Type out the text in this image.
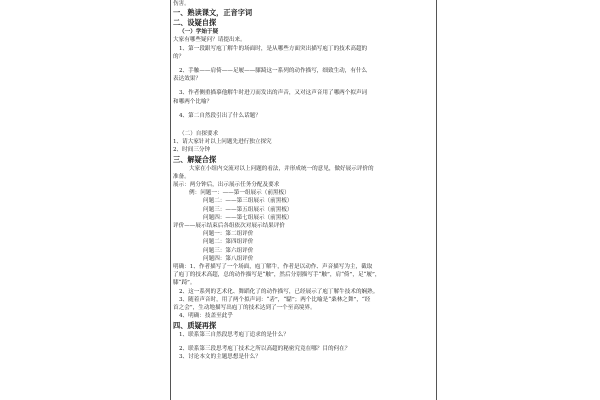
伤害。
一、熟读课文，正音字词
二、设疑自探
（一）学始于疑
大家有哪些疑问？请提出来。
1、第一段跟写庖丁解牛的场面时，是从哪些方面突出描写庖丁的技术高超的
的？
2、手触——肩倚——足履——膝踦这一系列的动作描写，细致生动，有什么
表达效果？
3、作者侧重描摹他解牛时进刀而发出的声音，又对这声音用了哪两个拟声词
和哪两个比喻？
4、第二自然段引出了什么话题？
（二）自探要求
1、请大家针对以上问题先进行独立探究
2、时间三分钟
三、解疑合探
大家在小组内交流对以上问题的看法，并形成统一的意见，做好展示评价的
准备。
展示：两分钟后，出示展示任务分配及要求
例：问题一：——第一组展示（前黑板）
问题二：——第三组展示（前黑板）
问题三：——第五组展示（前黑板）
问题四：——第七组展示（前黑板）
评价——展示结束后各组依次对展示结果评价
问题一：第二组评价
问题二：第四组评价
问题三：第六组评价
问题四：第八组评价
明确：1、作者描写了一个场面，庖丁解牛，作者是以动作、声音描写为主，截取
了庖丁的技术高超，总的动作描写是“触”，然后分别描写手“触”，肩“倚”，足“履”，
膝“踦”。
2、这一系列的艺术化、舞蹈化了的动作描写，已经展示了庖丁解牛技术的娴熟。
3、随着声音时，用了两个拟声词：“砉”，“騞”；两个比喻是“桑林之舞”，“经
首之会”，生动地描写出庖丁的技术达到了一个至高境界。
4、明确：技盖至此乎
四、质疑再探
1、联系第三自然段思考庖丁追求的是什么？
2、联系第三段思考庖丁技术之所以高超的秘密究竟在哪？目的何在？
3、讨论本文的主题思想是什么？
